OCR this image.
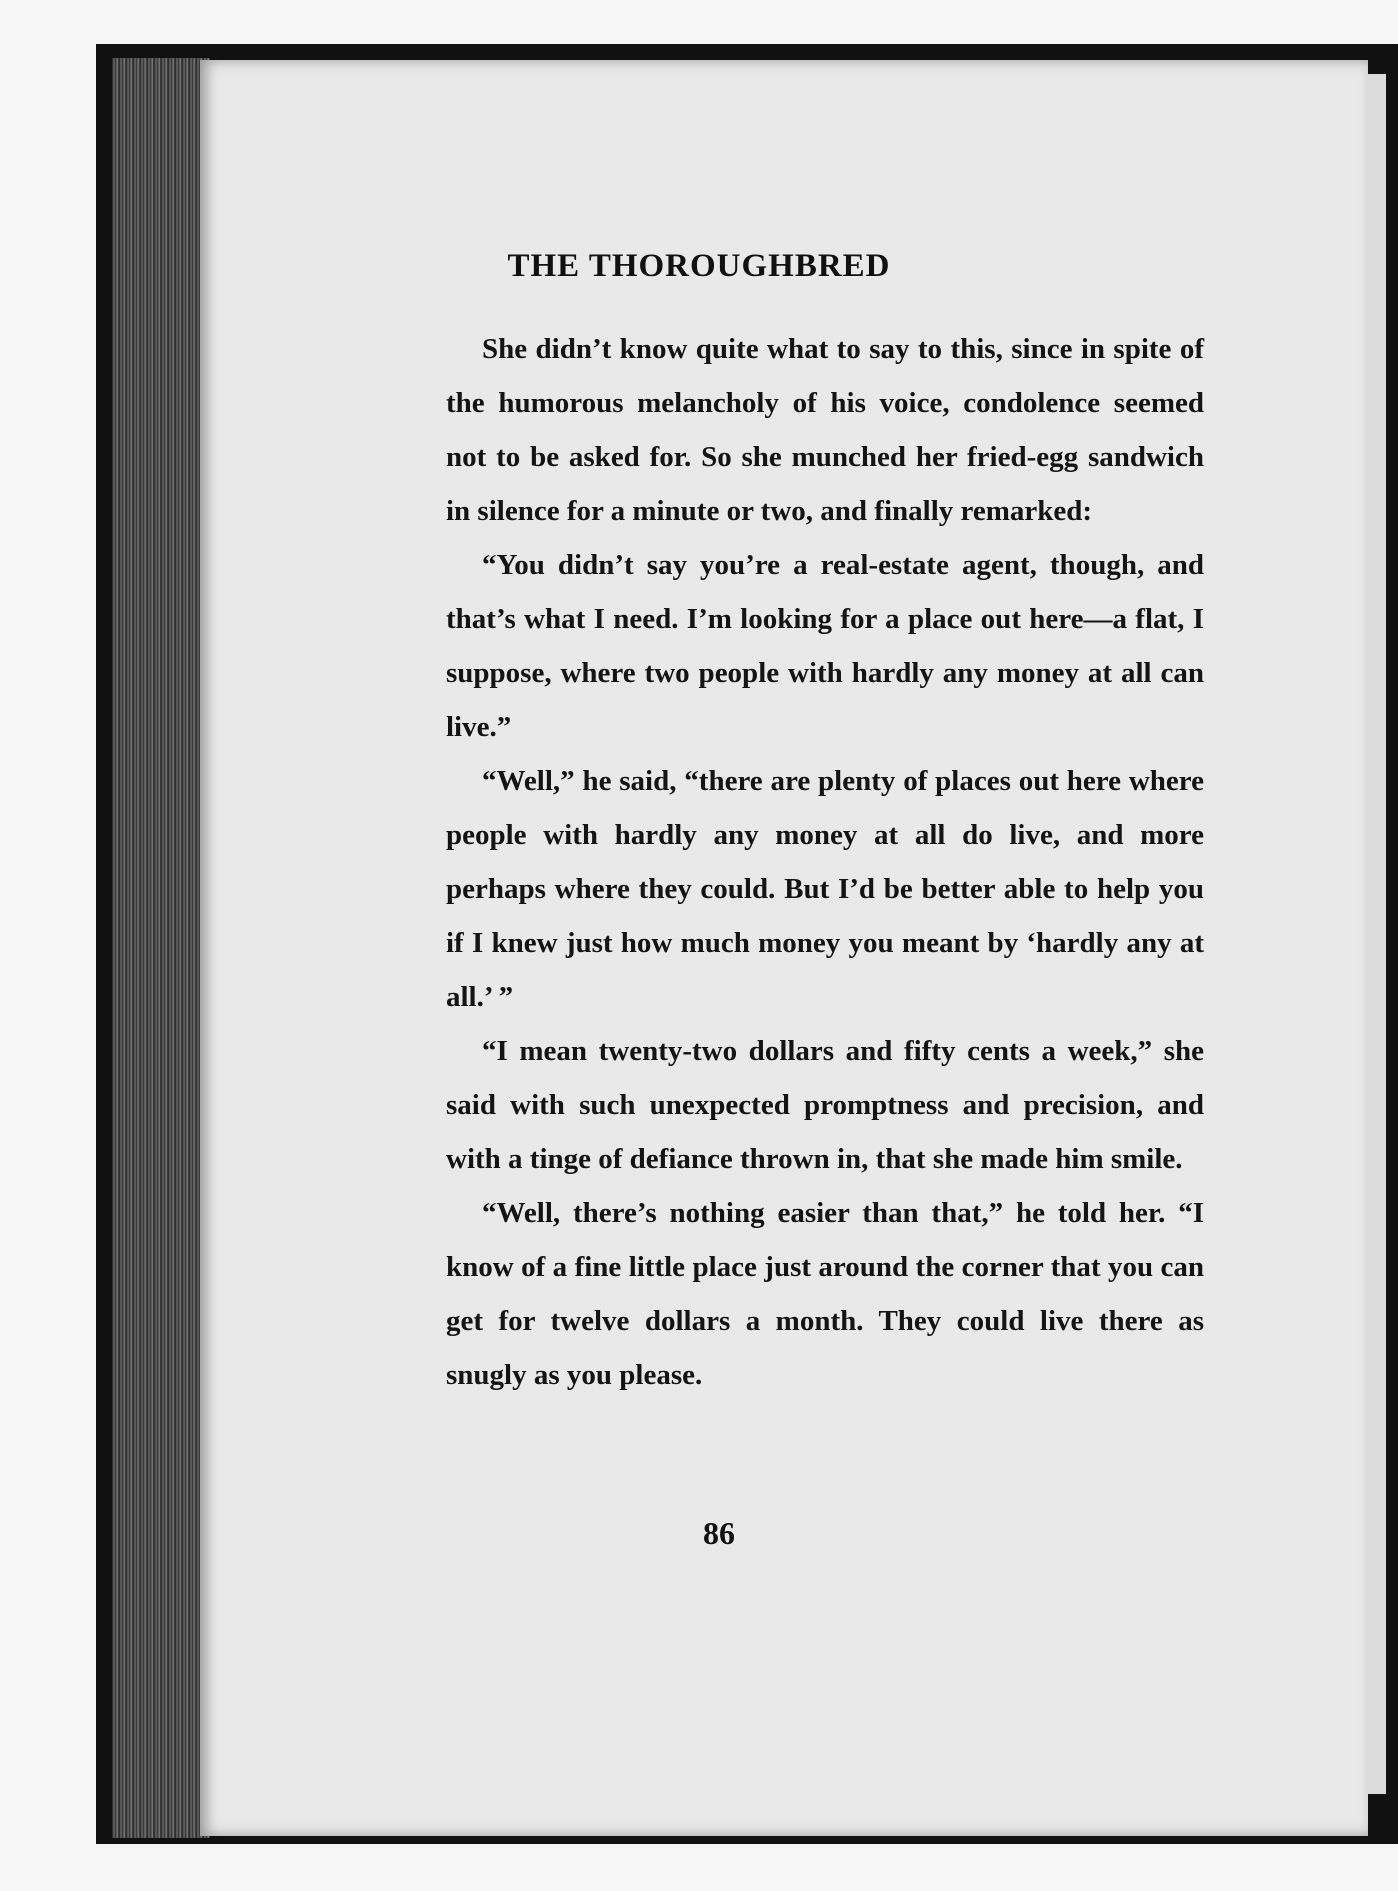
THE THOROUGHBRED

She didn’t know quite what to say to this, since in spite of the humorous melancholy of his voice, condolence seemed not to be asked for. So she munched her fried-egg sandwich in silence for a minute or two, and finally remarked:

“You didn’t say you’re a real-estate agent, though, and that’s what I need. I’m looking for a place out here—a flat, I suppose, where two people with hardly any money at all can live.”

“Well,” he said, “there are plenty of places out here where people with hardly any money at all do live, and more perhaps where they could. But I’d be better able to help you if I knew just how much money you meant by ‘hardly any at all.’ ”

“I mean twenty-two dollars and fifty cents a week,” she said with such unexpected promptness and precision, and with a tinge of defiance thrown in, that she made him smile.

“Well, there’s nothing easier than that,” he told her. “I know of a fine little place just around the corner that you can get for twelve dollars a month. They could live there as snugly as you please.

86
